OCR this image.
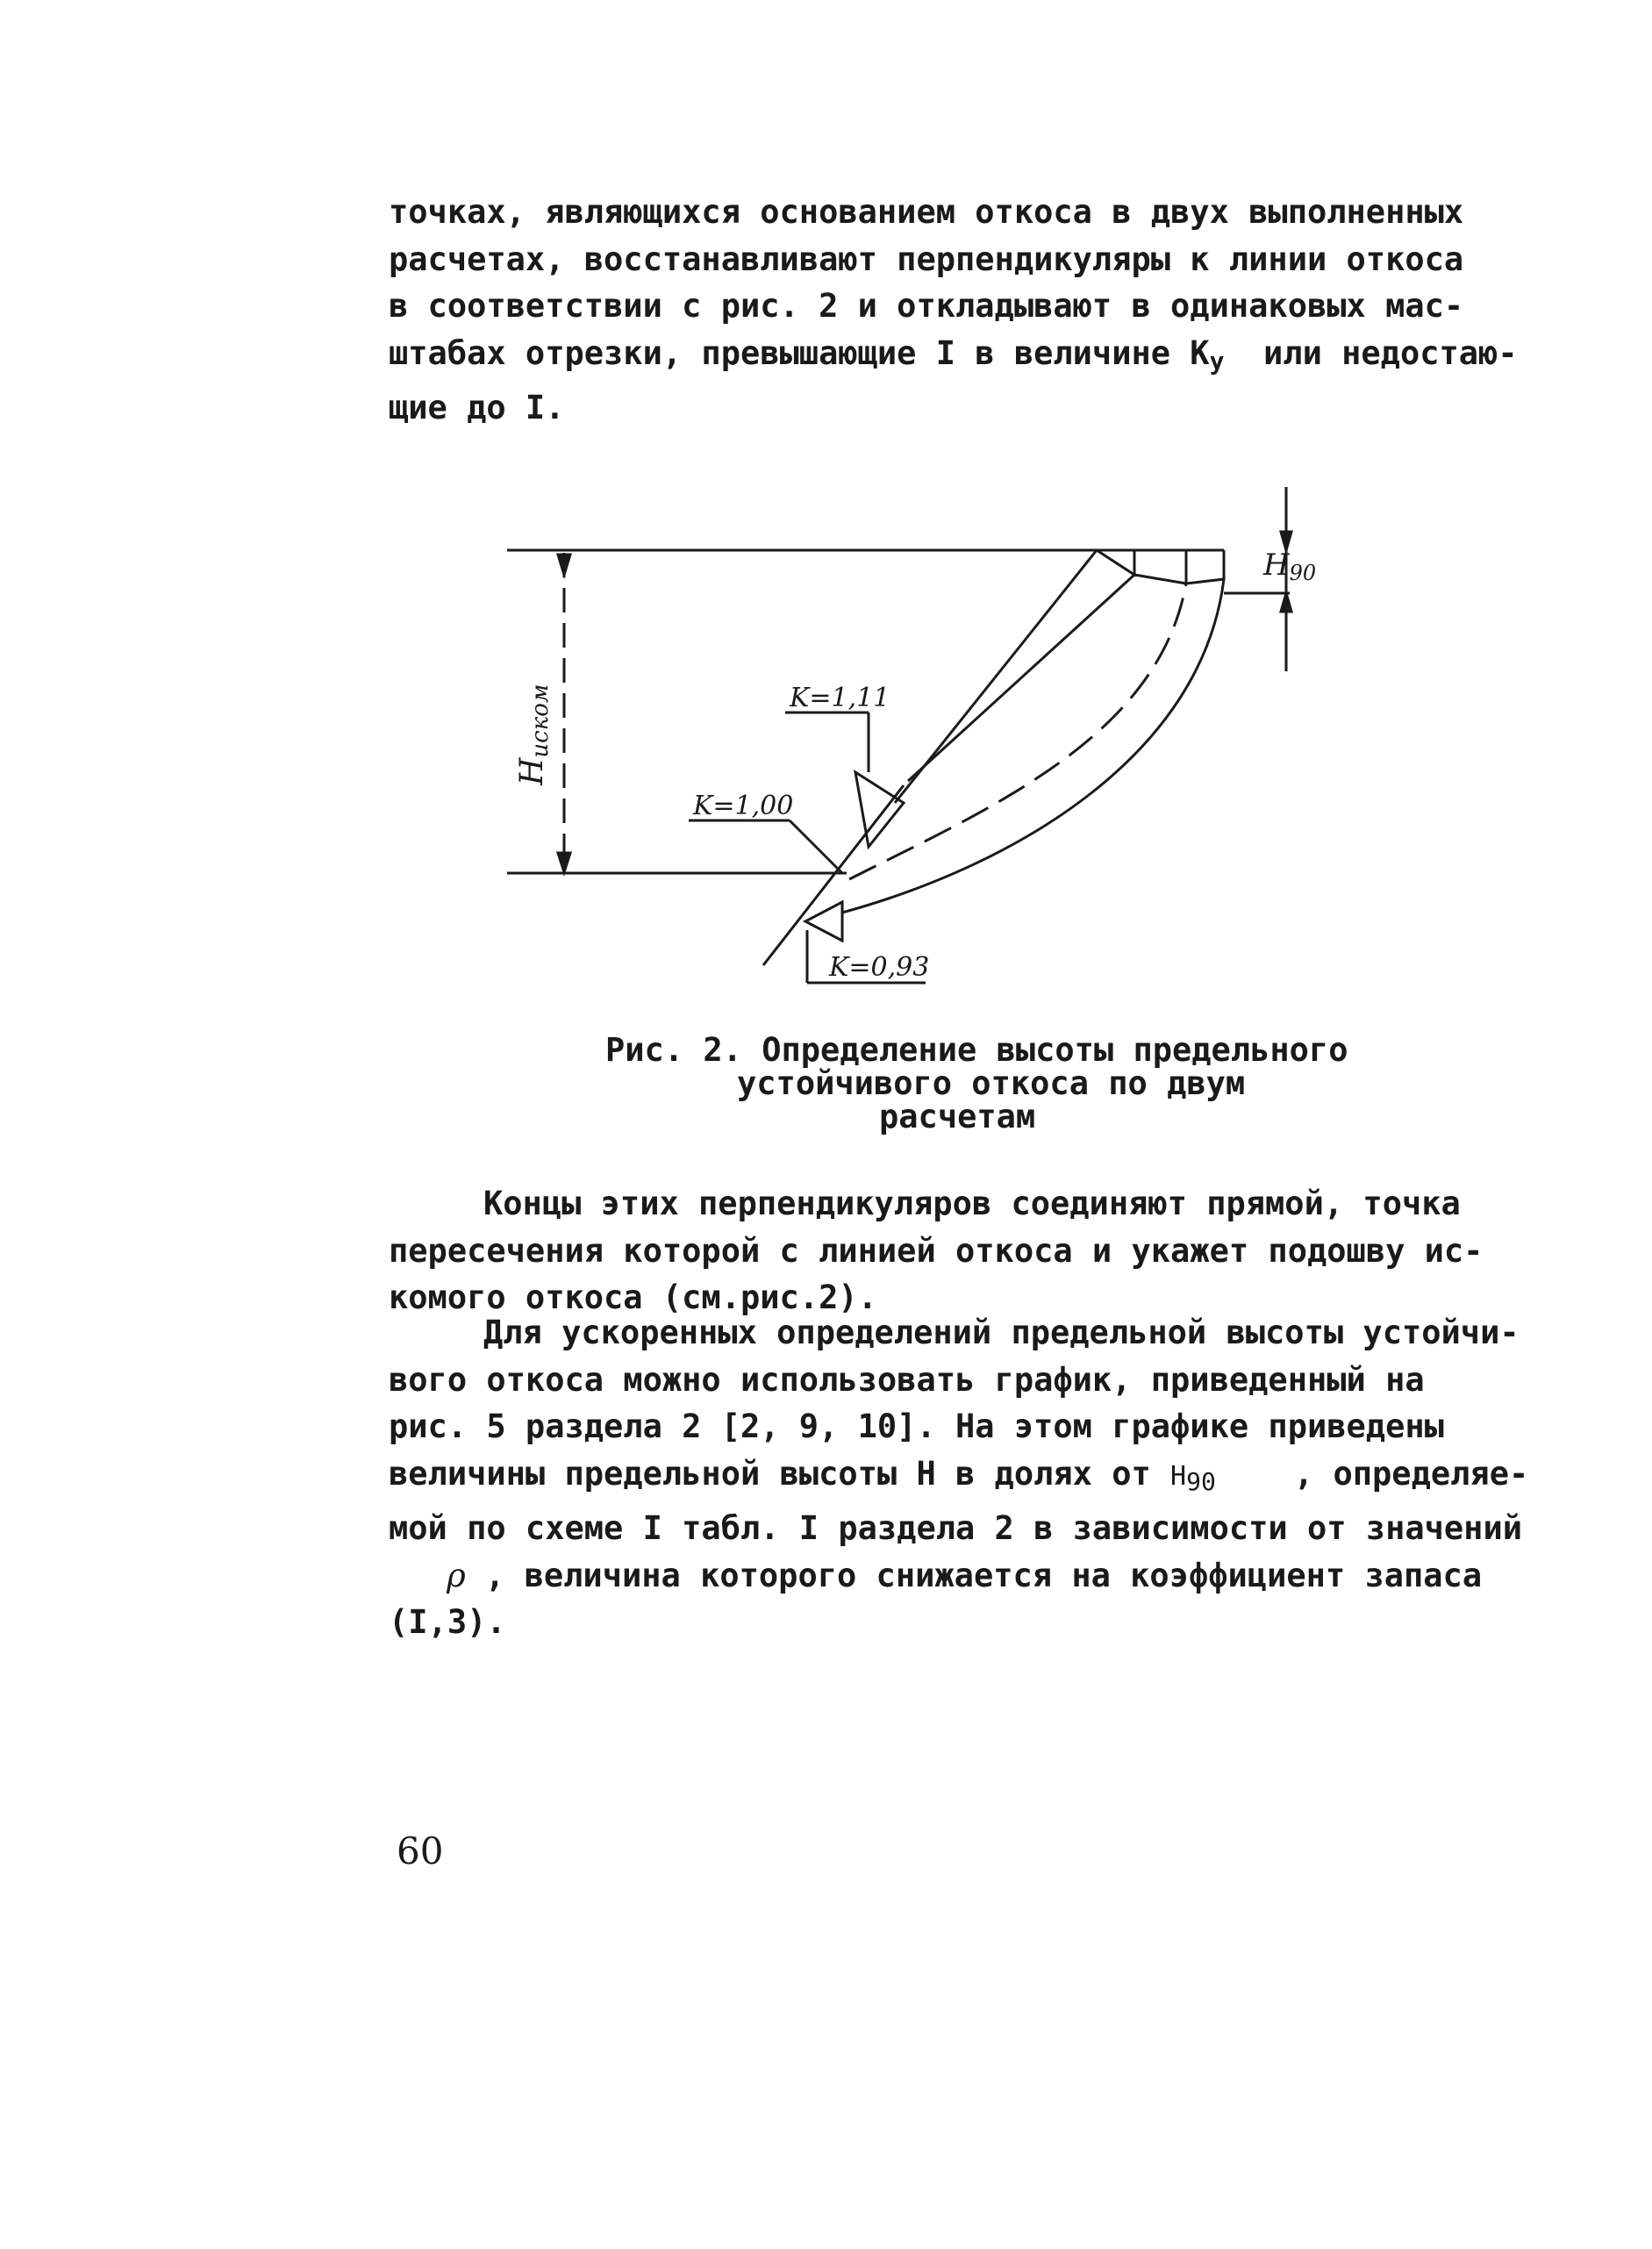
точках, являющихся основанием откоса в двух выполненных
расчетах, восстанавливают перпендикуляры к линии откоса
в соответствии с рис. 2 и откладывают в одинаковых мас-
штабах отрезки, превышающие I в величине $K_у$ или недостаю-
щие до I.
Hиском
H90
K=1,11
K=1,00
K=0,93
Рис. 2. Определение высоты предельного
устойчивого откоса по двум
расчетам
Концы этих перпендикуляров соединяют прямой, точка
пересечения которой с линией откоса и укажет подошву ис-
комого откоса (см.рис.2).
Для ускоренных определений предельной высоты устойчи-
вого откоса можно использовать график, приведенный на
рис. 5 раздела 2 [2, 9, 10]. На этом графике приведены
величины предельной высоты H в долях от H90    , определяе-
мой по схеме I табл. I раздела 2 в зависимости от значений
ρ , величина которого снижается на коэффициент запаса
(I,3).
60
